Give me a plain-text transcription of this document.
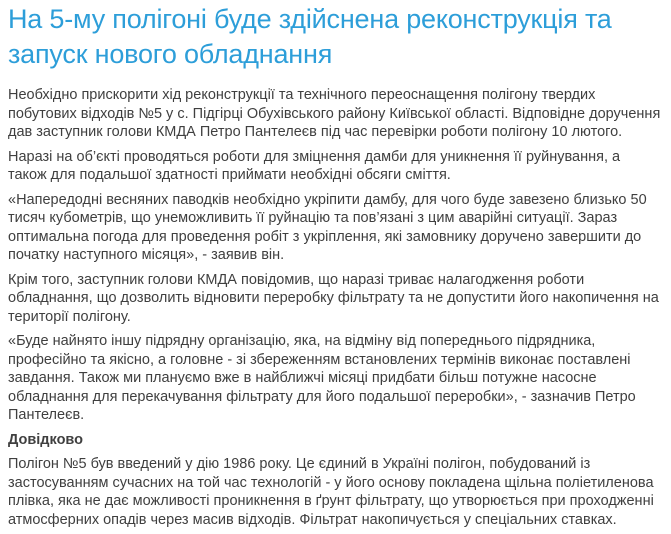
На 5-му полігоні буде здійснена реконструкція та запуск нового обладнання

Необхідно прискорити хід реконструкції та технічного переоснащення полігону твердих побутових відходів №5 у с. Підгірці Обухівського району Київської області. Відповідне доручення дав заступник голови КМДА Петро Пантелеєв під час перевірки роботи полігону 10 лютого.

Наразі на об’єкті проводяться роботи для зміцнення дамби для уникнення її руйнування, а також для подальшої здатності приймати необхідні обсяги сміття.

«Напередодні весняних паводків необхідно укріпити дамбу, для чого буде завезено близько 50 тисяч кубометрів, що унеможливить її руйнацію та пов’язані з цим аварійні ситуації. Зараз оптимальна погода для проведення робіт з укріплення, які замовнику доручено завершити до початку наступного місяця», - заявив він.

Крім того, заступник голови КМДА повідомив, що наразі триває налагодження роботи обладнання, що дозволить відновити переробку фільтрату та не допустити його накопичення на території полігону.

«Буде найнято іншу підрядну організацію, яка, на відміну від попереднього підрядника, професійно та якісно, а головне - зі збереженням встановлених термінів виконає поставлені завдання. Також ми плануємо вже в найближчі місяці придбати більш потужне насосне обладнання для перекачування фільтрату для його подальшої переробки», - зазначив Петро Пантелеєв.

Довідково

Полігон №5 був введений у дію 1986 року. Це єдиний в Україні полігон, побудований із застосуванням сучасних на той час технологій - у його основу покладена щільна поліетиленова плівка, яка не дає можливості проникнення в ґрунт фільтрату, що утворюється при проходженні атмосферних опадів через масив відходів. Фільтрат накопичується у спеціальних ставках.
